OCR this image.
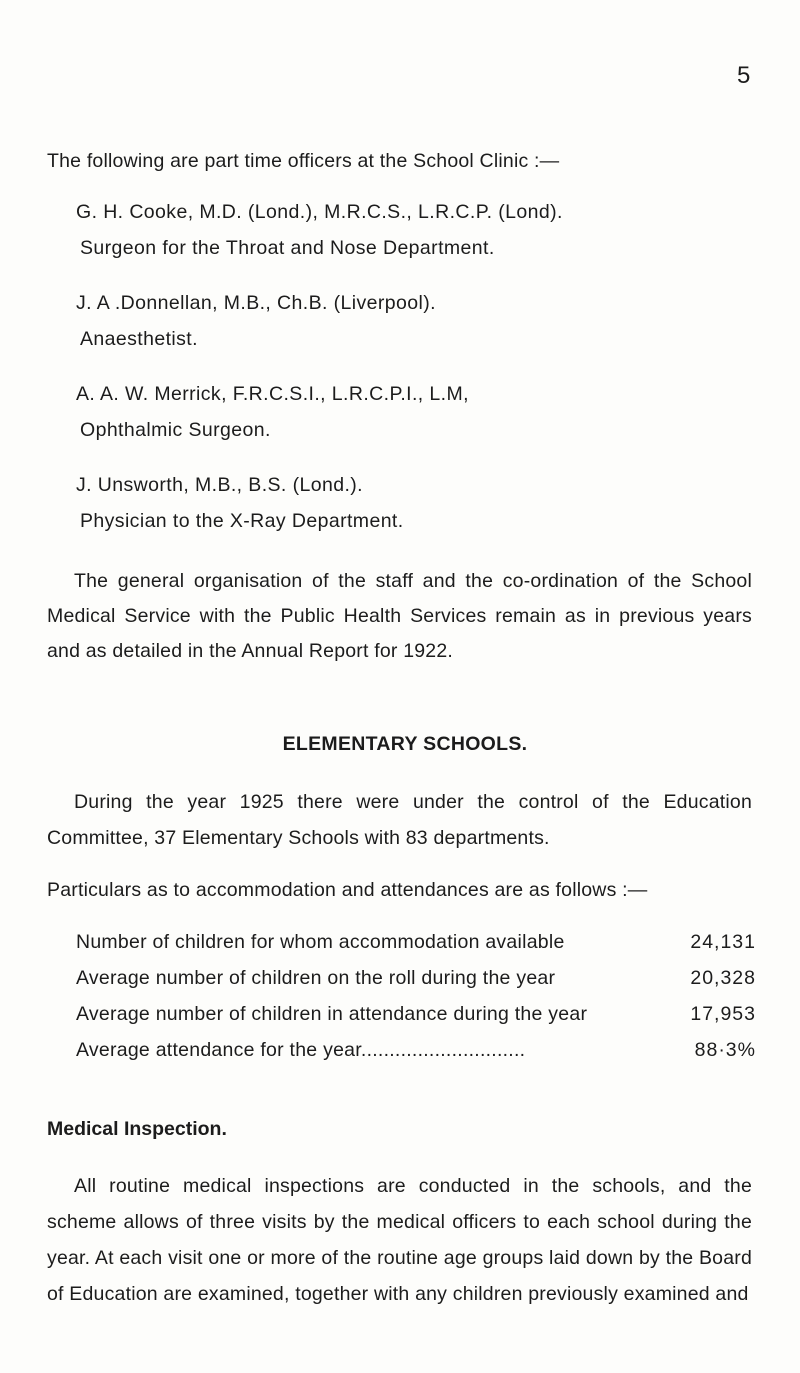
5
The following are part time officers at the School Clinic :—
G. H. Cooke, M.D. (Lond.), M.R.C.S., L.R.C.P. (Lond).
Surgeon for the Throat and Nose Department.
J. A .Donnellan, M.B., Ch.B. (Liverpool).
Anaesthetist.
A. A. W. Merrick, F.R.C.S.I., L.R.C.P.I., L.M,
Ophthalmic Surgeon.
J. Unsworth, M.B., B.S. (Lond.).
Physician to the X-Ray Department.
The general organisation of the staff and the co-ordination of the School Medical Service with the Public Health Services remain as in previous years and as detailed in the Annual Report for 1922.
ELEMENTARY SCHOOLS.
During the year 1925 there were under the control of the Education Committee, 37 Elementary Schools with 83 departments.
Particulars as to accommodation and attendances are as follows :—
Number of children for whom accommodation available	24,131
Average number of children on the roll during the year	20,328
Average number of children in attendance during the year	17,953
Average attendance for the year.............................	88·3%
Medical Inspection.
All routine medical inspections are conducted in the schools, and the scheme allows of three visits by the medical officers to each school during the year. At each visit one or more of the routine age groups laid down by the Board of Education are examined, together with any children previously examined and
